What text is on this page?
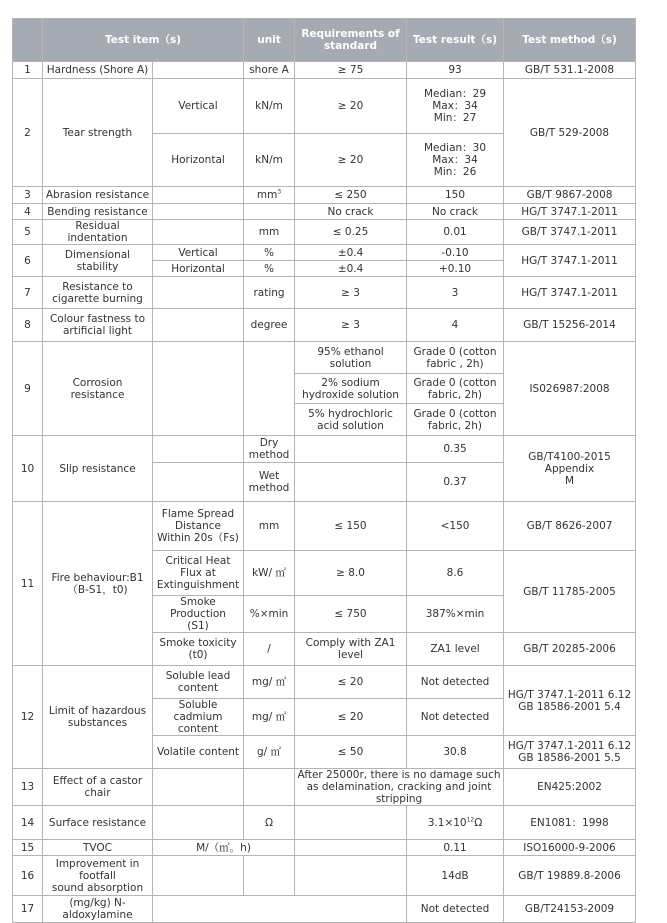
	Test item（s)		unit	Requirements of standard	Test result（s)	Test method（s)
1	Hardness (Shore A)		shore A	≥ 75	93	GB/T 531.1-2008
2	Tear strength	Vertical	kN/m	≥ 20	Median：29
Max：34
Min：27	GB/T 529-2008
		Horizontal	kN/m	≥ 20	Median：30
Max：34
Min：26	
3	Abrasion resistance		$mm^3$	≤ 250	150	GB/T 9867-2008
4	Bending resistance			No crack	No crack	HG/T 3747.1-2011
5	Residual indentation		mm	≤ 0.25	0.01	GB/T 3747.1-2011
6	Dimensional stability	Vertical	%	±0.4	-0.10	HG/T 3747.1-2011
		Horizontal	%	±0.4	+0.10	
7	Resistance to cigarette burning		rating	≥ 3	3	HG/T 3747.1-2011
8	Colour fastness to artificial light		degree	≥ 3	4	GB/T 15256-2014
9	Corrosion resistance			95% ethanol solution	Grade 0 (cotton fabric , 2h)	IS026987:2008
				2% sodium hydroxide solution	Grade 0 (cotton fabric, 2h)	
				5% hydrochloric acid solution	Grade 0 (cotton fabric, 2h)	
10	Slip resistance		Dry
method		0.35	GB/T4100-2015
Appendix
M
			Wet
method		0.37	
11	Fire behaviour:B1（B-S1，t0)	Flame Spread Distance
Within 20s（Fs)	mm	≤ 150	<150	GB/T 8626-2007
		Critical Heat Flux at Extinguishment	kW/ ㎡	≥ 8.0	8.6	GB/T 11785-2005
		Smoke Production
(S1)	%×min	≤ 750	387%×min	
		Smoke toxicity
(t0)	/	Comply with ZA1 level	ZA1 level	GB/T 20285-2006
12	Limit of hazardous substances	Soluble lead content	mg/ ㎡	≤ 20	Not detected	HG/T 3747.1-2011 6.12
GB 18586-2001 5.4
		Soluble cadmium content	mg/ ㎡	≤ 20	Not detected	
		Volatile content	g/ ㎡	≤ 50	30.8	HG/T 3747.1-2011 6.12
GB 18586-2001 5.5
13	Effect of a castor chair			After 25000r, there is no damage such as delamination, cracking and joint stripping		EN425:2002
14	Surface resistance		Ω		$3.1\times 10^{12}\Omega$	EN1081：1998
15	TVOC	M/（㎡。h)			0.11	ISO16000-9-2006
16	Improvement in footfall
sound absorption				14dB	GB/T 19889.8-2006
17	(mg/kg) N-aldoxylamine				Not detected	GB/T24153-2009
